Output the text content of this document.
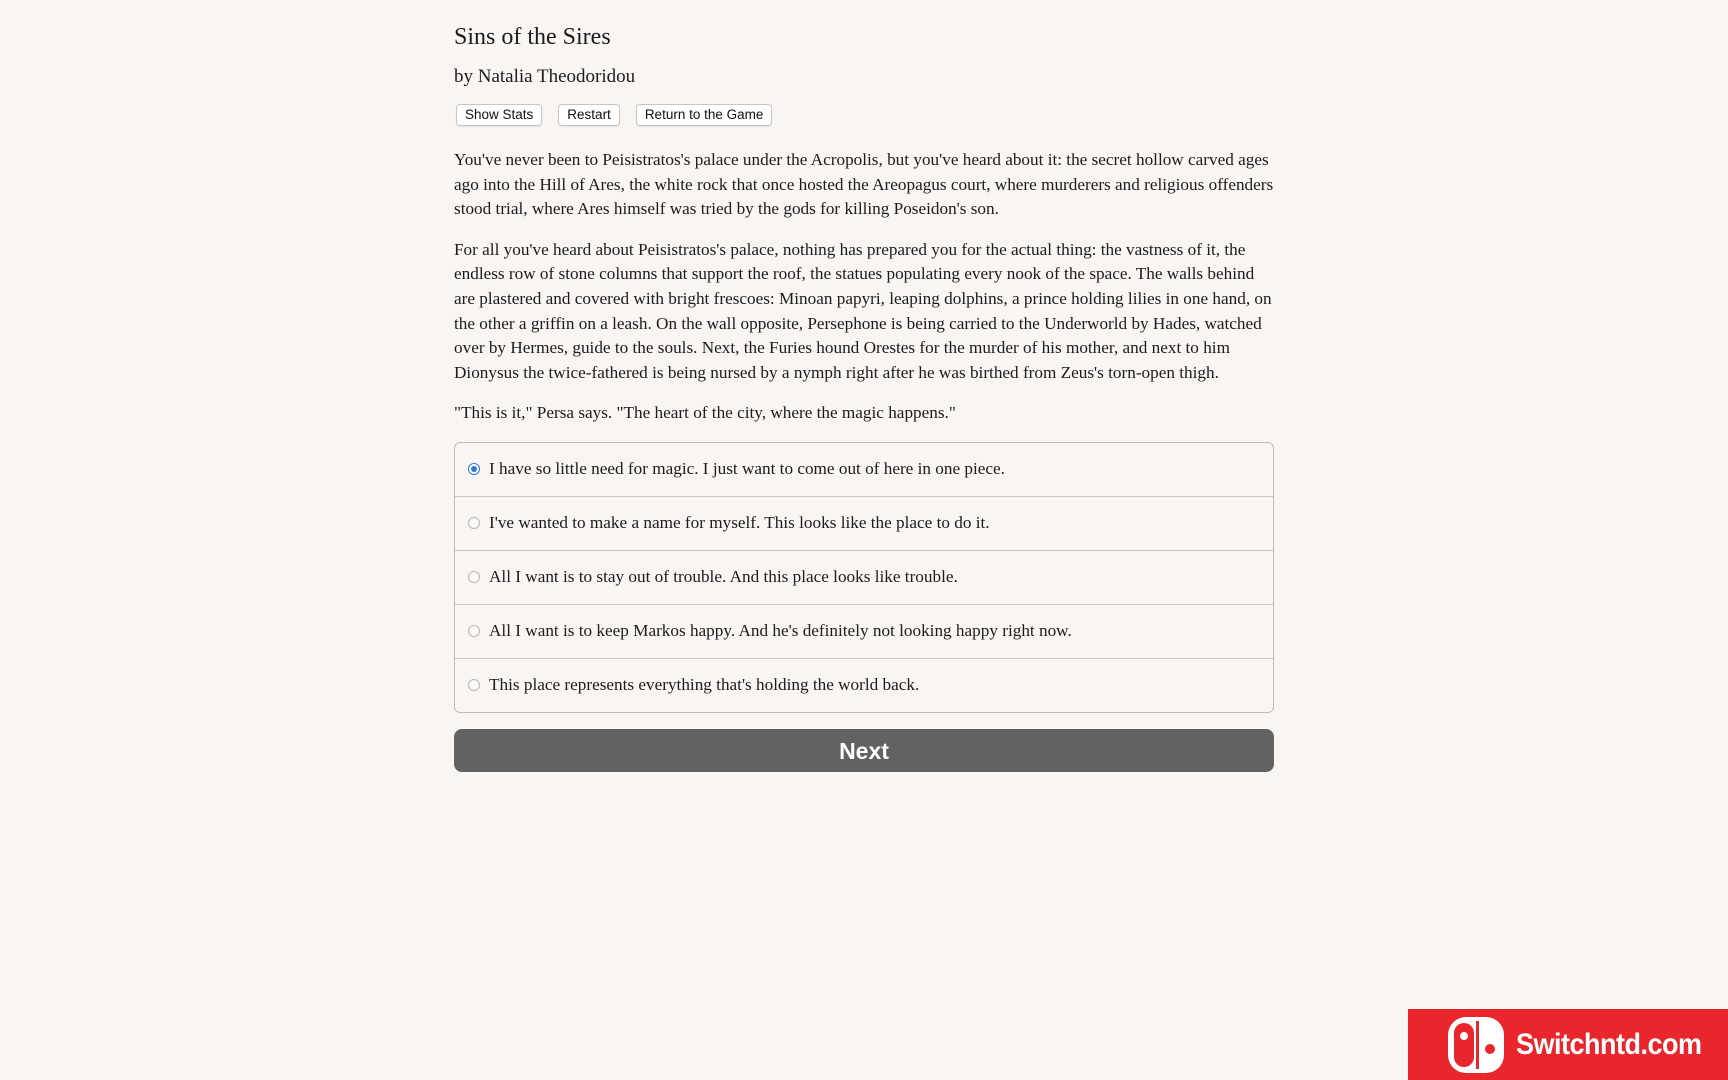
Sins of the Sires
by Natalia Theodoridou
Show Stats	Restart	Return to the Game

You've never been to Peisistratos's palace under the Acropolis, but you've heard about it: the secret hollow carved ages ago into the Hill of Ares, the white rock that once hosted the Areopagus court, where murderers and religious offenders stood trial, where Ares himself was tried by the gods for killing Poseidon's son.

For all you've heard about Peisistratos's palace, nothing has prepared you for the actual thing: the vastness of it, the endless row of stone columns that support the roof, the statues populating every nook of the space. The walls behind are plastered and covered with bright frescoes: Minoan papyri, leaping dolphins, a prince holding lilies in one hand, on the other a griffin on a leash. On the wall opposite, Persephone is being carried to the Underworld by Hades, watched over by Hermes, guide to the souls. Next, the Furies hound Orestes for the murder of his mother, and next to him Dionysus the twice-fathered is being nursed by a nymph right after he was birthed from Zeus's torn-open thigh.

"This is it," Persa says. "The heart of the city, where the magic happens."

I have so little need for magic. I just want to come out of here in one piece.
I've wanted to make a name for myself. This looks like the place to do it.
All I want is to stay out of trouble. And this place looks like trouble.
All I want is to keep Markos happy. And he's definitely not looking happy right now.
This place represents everything that's holding the world back.
Next
Switchntd.com
